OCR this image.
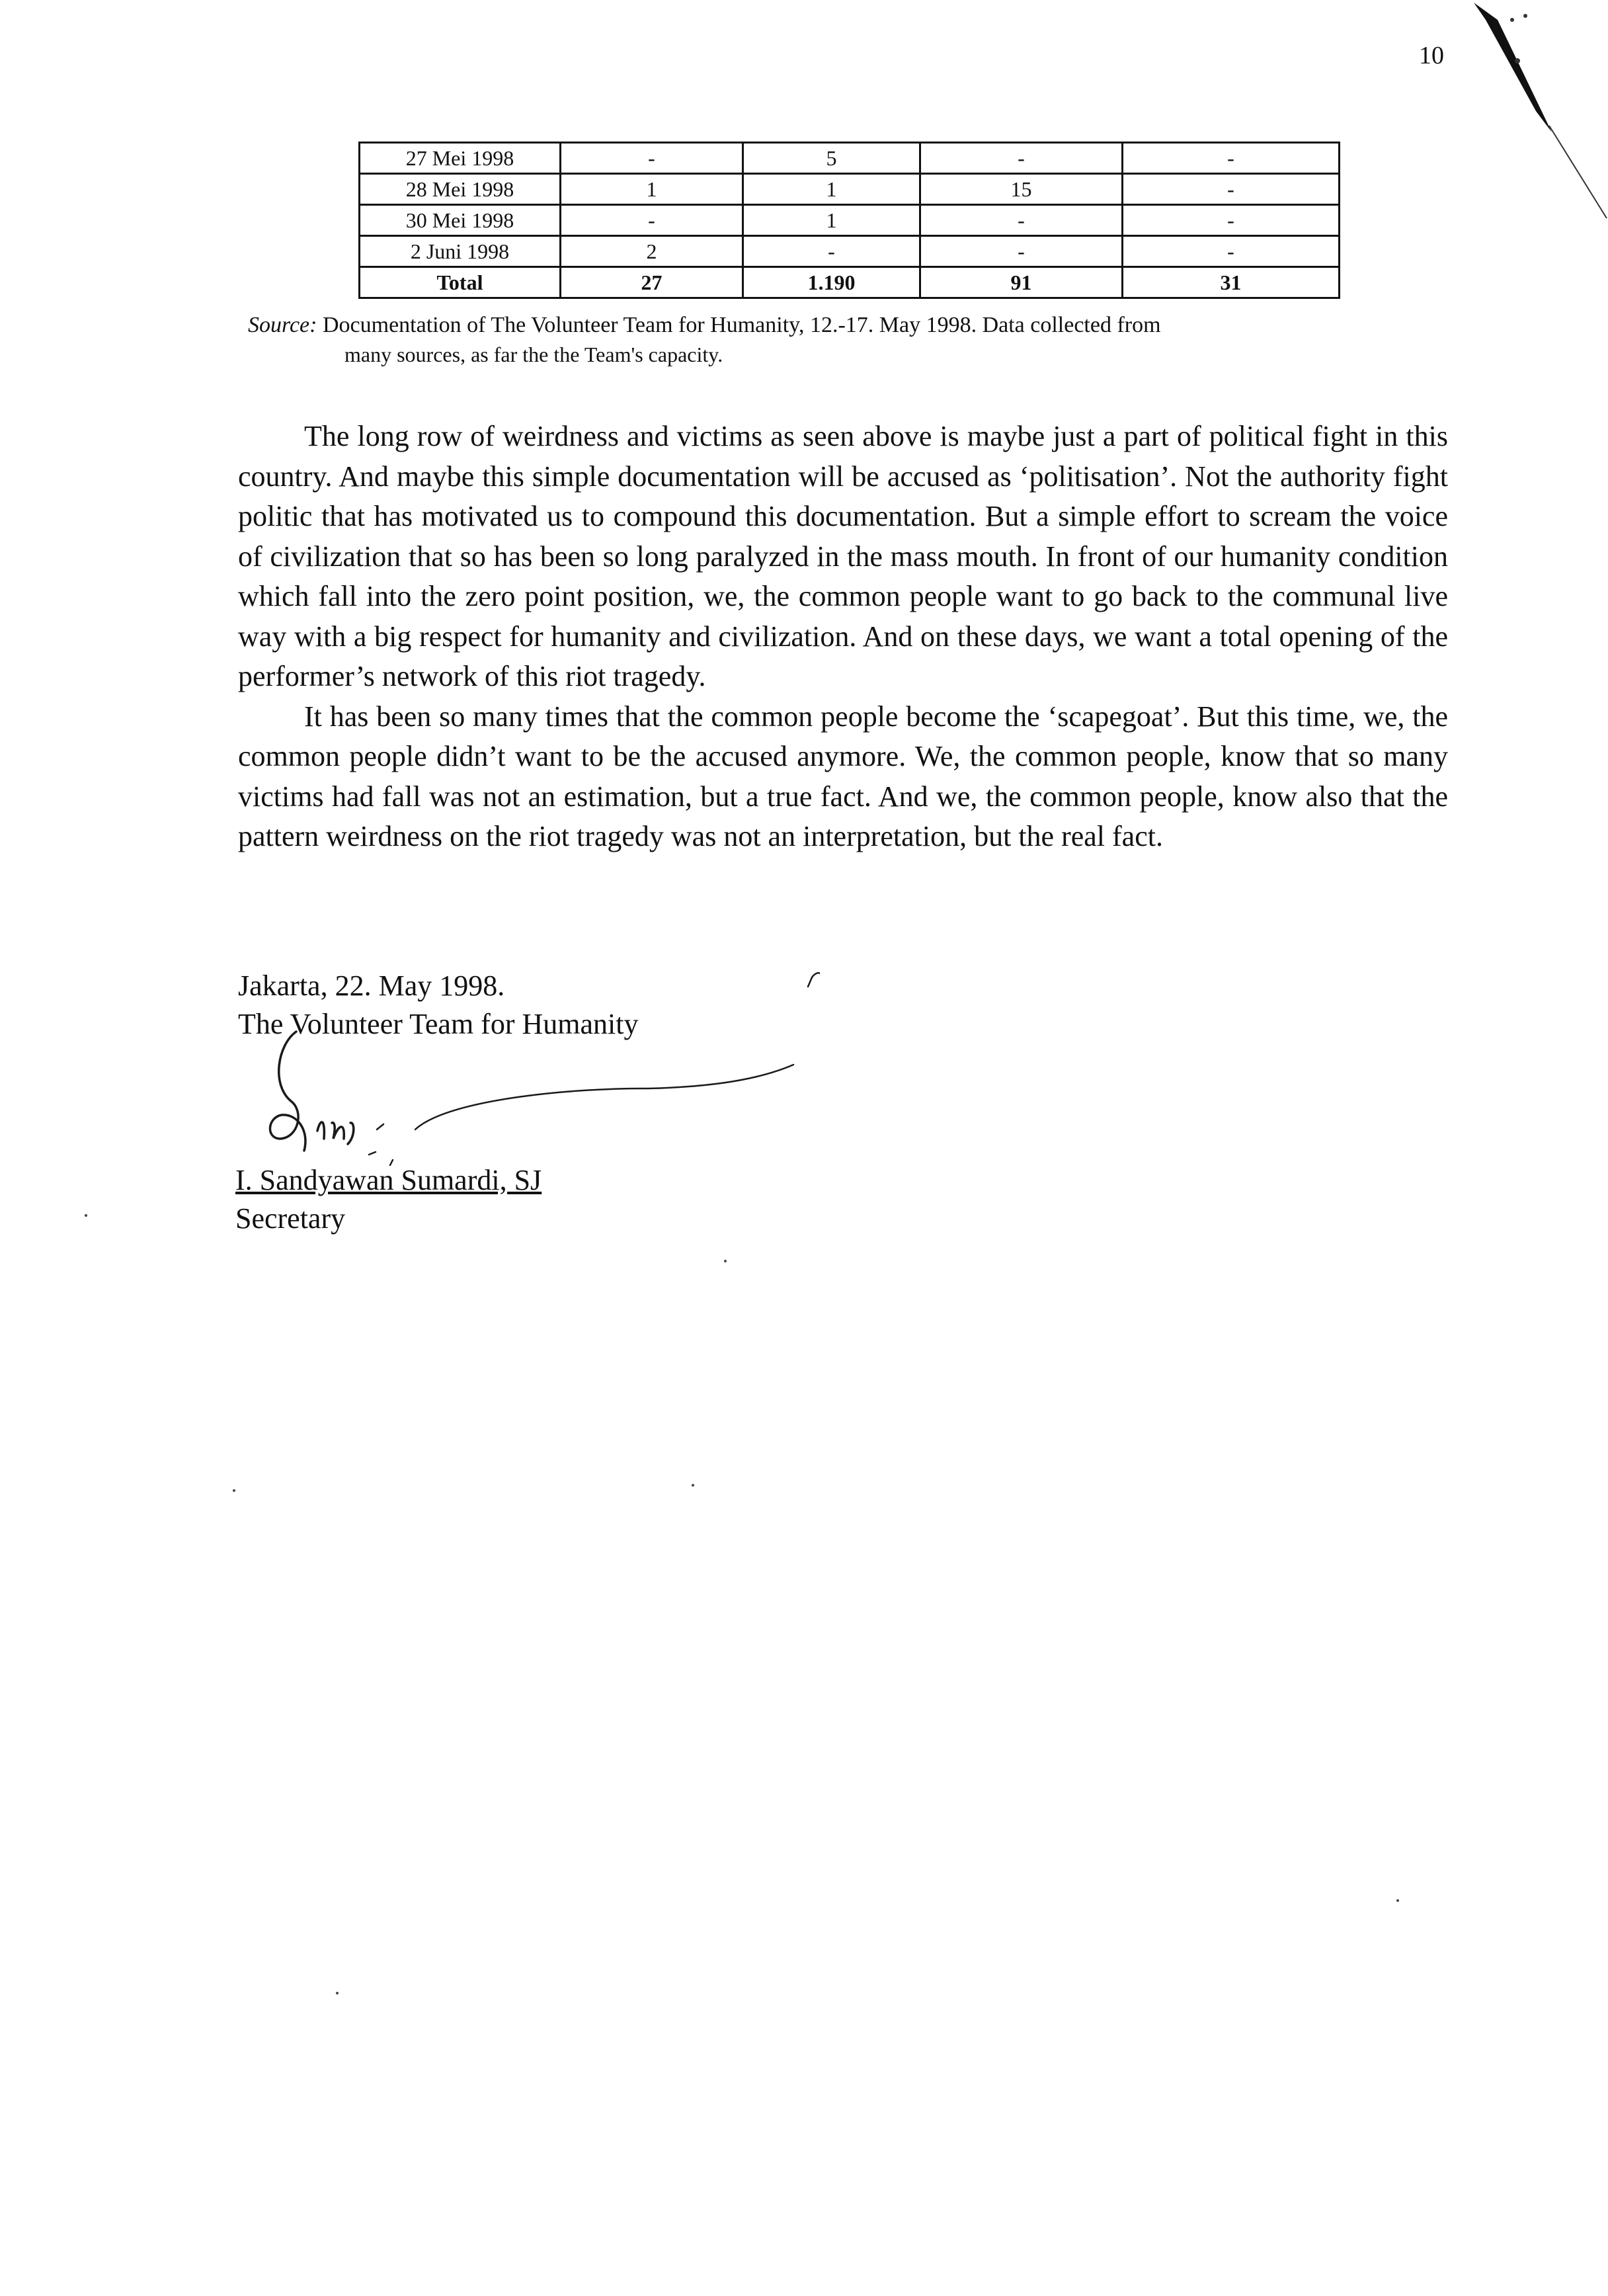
10
27 Mei 1998	-	5	-	-
28 Mei 1998	1	1	15	-
30 Mei 1998	-	1	-	-
2 Juni 1998	2	-	-	-
Total	27	1.190	91	31
Source: Documentation of The Volunteer Team for Humanity, 12.-17. May 1998. Data collected from
many sources, as far the the Team's capacity.

The long row of weirdness and victims as seen above is maybe just a part of political fight in this country. And maybe this simple documentation will be accused as ‘politisation’. Not the authority fight politic that has motivated us to compound this documentation. But a simple effort to scream the voice of civilization that so has been so long paralyzed in the mass mouth. In front of our humanity condition which fall into the zero point position, we, the common people want to go back to the communal live way with a big respect for humanity and civilization. And on these days, we want a total opening of the performer’s network of this riot tragedy.

It has been so many times that the common people become the ‘scapegoat’. But this time, we, the common people didn’t want to be the accused anymore. We, the common people, know that so many victims had fall was not an estimation, but a true fact. And we, the common people, know also that the pattern weirdness on the riot tragedy was not an interpretation, but the real fact.

Jakarta, 22. May 1998.
The Volunteer Team for Humanity
I. Sandyawan Sumardi, SJ
Secretary
